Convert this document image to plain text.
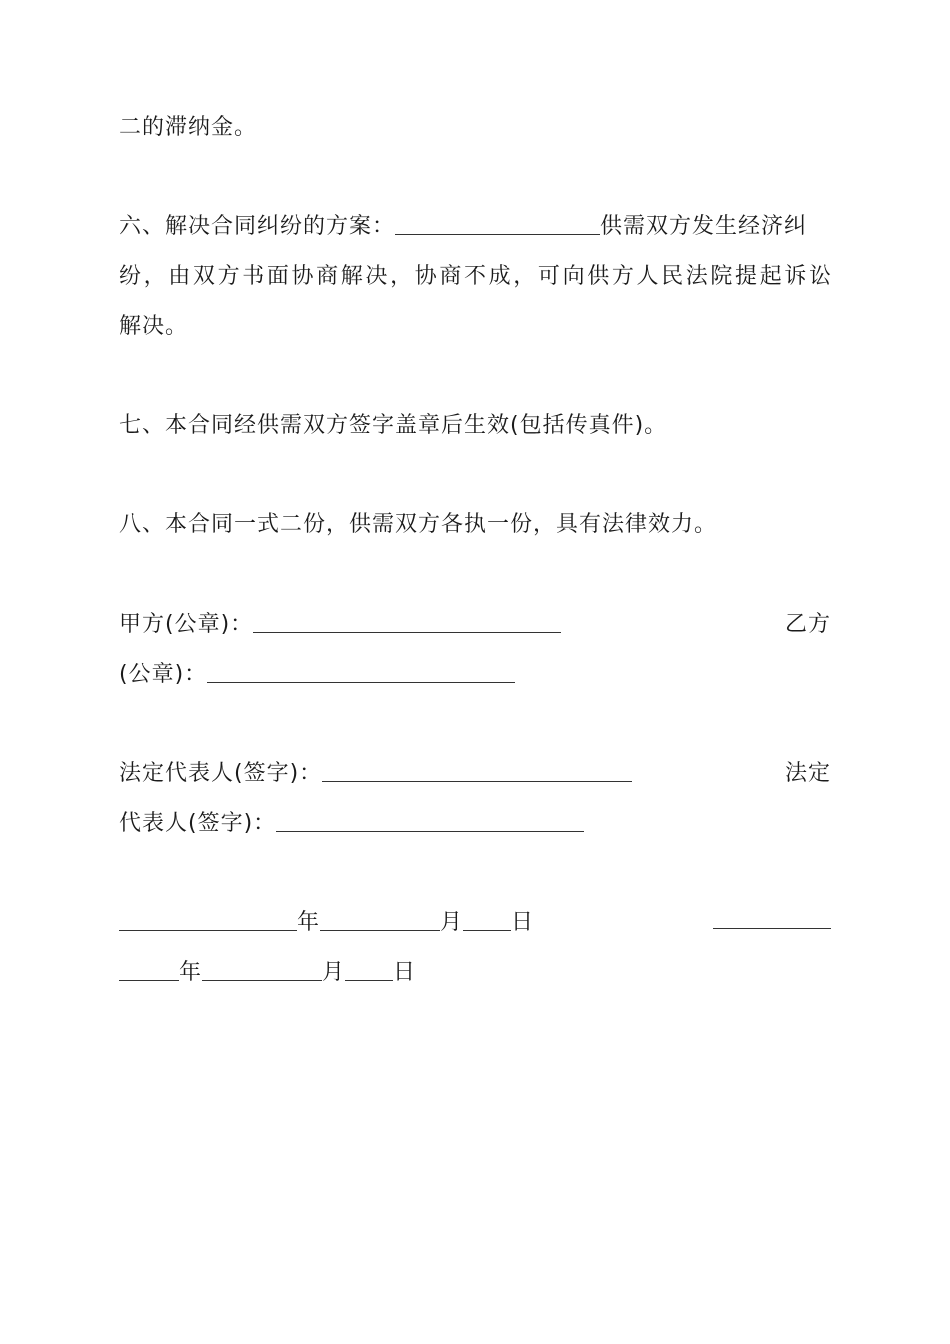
二的滞纳金。
六、解决合同纠纷的方案：	供需双方发生经济纠
纷，由双方书面协商解决，协商不成，可向供方人民法院提起诉讼
解决。
七、本合同经供需双方签字盖章后生效(包括传真件)。
八、本合同一式二份，供需双方各执一份，具有法律效力。
甲方(公章)：	乙方
(公章)：
法定代表人(签字)：	法定
代表人(签字)：
年	月 日
年	月 日
